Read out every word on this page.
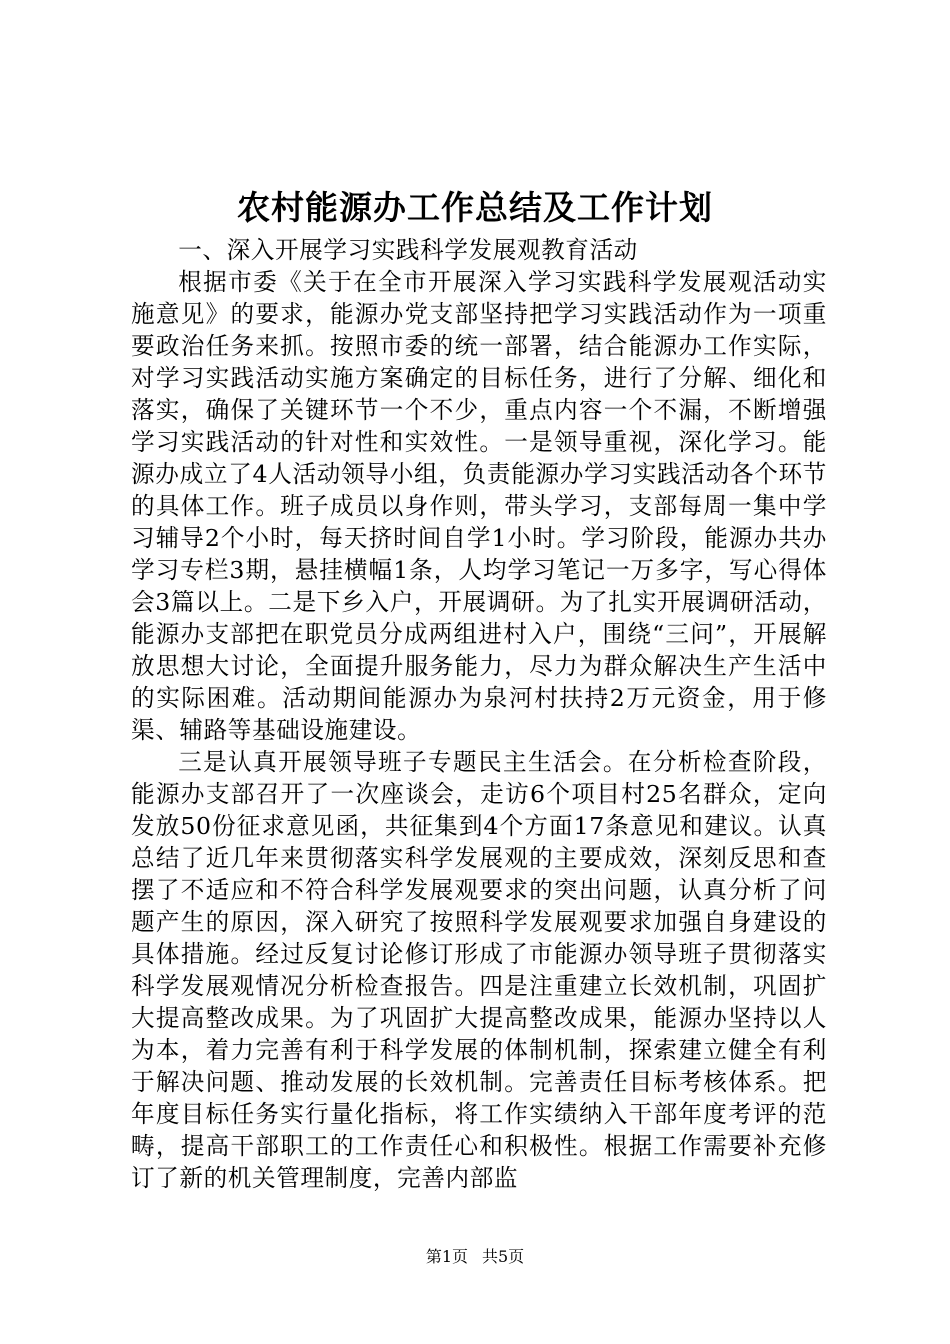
农村能源办工作总结及工作计划

一、深入开展学习实践科学发展观教育活动

根据市委《关于在全市开展深入学习实践科学发展观活动实施意见》的要求，能源办党支部坚持把学习实践活动作为一项重要政治任务来抓。按照市委的统一部署，结合能源办工作实际，对学习实践活动实施方案确定的目标任务，进行了分解、细化和落实，确保了关键环节一个不少，重点内容一个不漏，不断增强学习实践活动的针对性和实效性。一是领导重视，深化学习。能源办成立了4人活动领导小组，负责能源办学习实践活动各个环节的具体工作。班子成员以身作则，带头学习，支部每周一集中学习辅导2个小时，每天挤时间自学1小时。学习阶段，能源办共办学习专栏3期，悬挂横幅1条，人均学习笔记一万多字，写心得体会3篇以上。二是下乡入户，开展调研。为了扎实开展调研活动，能源办支部把在职党员分成两组进村入户，围绕“三问”，开展解放思想大讨论，全面提升服务能力，尽力为群众解决生产生活中的实际困难。活动期间能源办为泉河村扶持2万元资金，用于修渠、辅路等基础设施建设。

三是认真开展领导班子专题民主生活会。在分析检查阶段，能源办支部召开了一次座谈会，走访6个项目村25名群众，定向发放50份征求意见函，共征集到4个方面17条意见和建议。认真总结了近几年来贯彻落实科学发展观的主要成效，深刻反思和查摆了不适应和不符合科学发展观要求的突出问题，认真分析了问题产生的原因，深入研究了按照科学发展观要求加强自身建设的具体措施。经过反复讨论修订形成了市能源办领导班子贯彻落实科学发展观情况分析检查报告。四是注重建立长效机制，巩固扩大提高整改成果。为了巩固扩大提高整改成果，能源办坚持以人为本，着力完善有利于科学发展的体制机制，探索建立健全有利于解决问题、推动发展的长效机制。完善责任目标考核体系。把年度目标任务实行量化指标，将工作实绩纳入干部年度考评的范畴，提高干部职工的工作责任心和积极性。根据工作需要补充修订了新的机关管理制度，完善内部监

第1页 共5页
